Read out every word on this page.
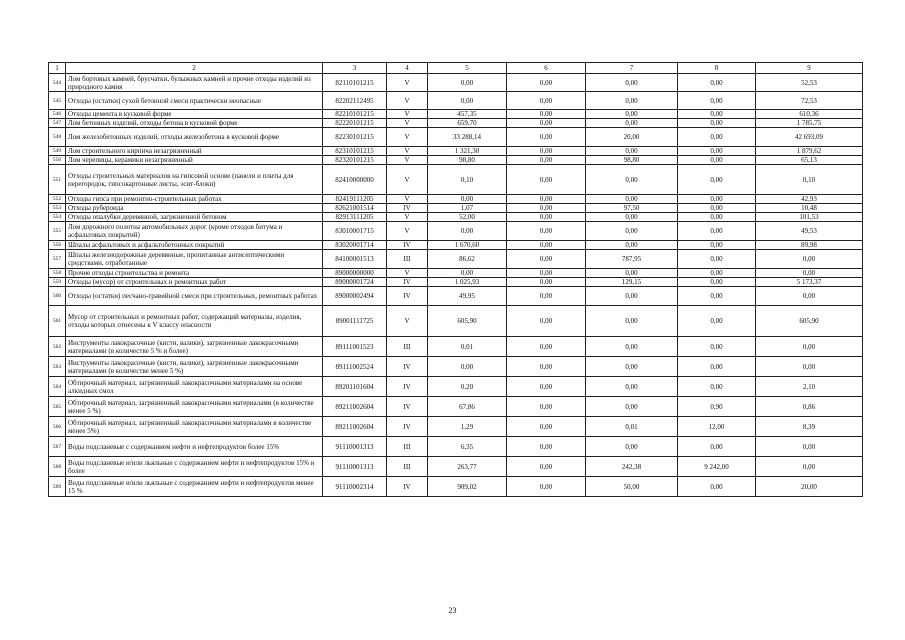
1	2	3	4	5	6	7	8	9
544	Лом бортовых камней, брусчатки, булыжных камней и прочие отходы изделий из природного камня	82110101215	V	0,00	0,00	0,00	0,00	52,53
545	Отходы (остатки) сухой бетонной смеси практически неопасные	82202112495	V	0,00	0,00	0,00	0,00	72,53
546	Отходы цемента в кусковой форме	82210101215	V	457,35	0,00	0,00	0,00	610,36
547	Лом бетонных изделий, отходы бетона в кусковой форме	82220101215	V	659,70	0,00	0,00	0,00	1 785,75
548	Лом железобетонных изделий, отходы железобетона в кусковой форме	82230101215	V	33 288,14	0,00	20,00	0,00	42 693,09
549	Лом строительного кирпича незагрязненный	82310101215	V	1 321,30	0,00	0,00	0,00	1 879,62
550	Лом черепицы, керамики незагрязненный	82320101215	V	98,80	0,00	98,80	0,00	65,13
551	Отходы строительных материалов на гипсовой основе (панели и плиты для перегородок, гипсокартонные листы, эсит-блоки)	82410000000	V	0,10	0,00	0,00	0,00	0,10
552	Отходы гипса при ремонтно-строительных работах	82419111205	V	0,00	0,00	0,00	0,00	42,93
553	Отходы рубероида	82621001514	IV	1,07	0,00	97,50	0,00	10,48
554	Отходы опалубки деревянной, загрязненной бетоном	82913111205	V	52,00	0,00	0,00	0,00	101,53
555	Лом дорожного полотна автомобильных дорог (кроме отходов битума и асфальтовых покрытий)	83010001715	V	0,00	0,00	0,00	0,00	49,53
556	Шпалы асфальтовых и асфальтобетонных покрытий	83020001714	IV	1 670,60	0,00	0,00	0,00	89,98
557	Шпалы железнодорожные деревянные, пропитанные антисептическими средствами, отработанные	84100001513	III	86,62	0,00	787,95	0,00	0,00
558	Прочие отходы строительства и ремонта	89000000000	V	0,00	0,00	0,00	0,00	0,00
559	Отходы (мусор) от строительных и ремонтных работ	89000001724	IV	1 025,93	0,00	129,15	0,00	5 173,37
560	Отходы (остатки) песчано-гравийной смеси при строительных, ремонтных работах	89000002494	IV	49,95	0,00	0,00	0,00	0,00
561	Мусор от строительных и ремонтных работ, содержащий материалы, изделия, отходы которых отнесены к V классу опасности	89001111725	V	605,90	0,00	0,00	0,00	605,90
562	Инструменты лакокрасочные (кисти, валики), загрязненные лакокрасочными материалами (в количестве 5 % и более)	89111001523	III	0,01	0,00	0,00	0,00	0,00
563	Инструменты лакокрасочные (кисти, валики), загрязненные лакокрасочными материалами (в количестве менее 5 %)	89111002524	IV	0,00	0,00	0,00	0,00	0,00
564	Обтирочный материал, загрязненный лакокрасочными материалами на основе алкидных смол	89201101604	IV	0,20	0,00	0,00	0,00	2,10
565	Обтирочный материал, загрязненный лакокрасочными материалами (в количестве менее 5 %)	89211002604	IV	67,86	0,00	0,00	0,90	0,86
566	Обтирочный материал, загрязненный лакокрасочными материалами в количестве менее 5%)	89211002604	IV	1,29	0,00	0,01	12,00	8,39
567	Воды подсланевые с содержанием нефти и нефтепродуктов более 15%	91110001313	III	6,35	0,00	0,00	0,00	0,00
568	Воды подсланевые и/или льяльные с содержанием нефти и нефтепродуктов 15% и более	91110001313	III	263,77	0,00	242,38	9 242,00	0,00
569	Воды подсланевые и/или льяльные с содержанием нефти и нефтепродуктов менее 15 %	91110002314	IV	909,02	0,00	50,00	0,00	20,00
23
